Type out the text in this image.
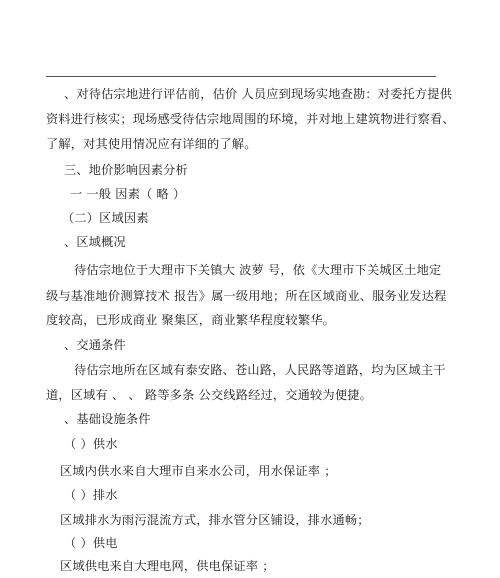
、对待估宗地进行评估前，估价 人员应到现场实地查勘：对委托方提供
资料进行核实；现场感受待估宗地周围的环境，并对地上建筑物进行察看、
了解，对其使用情况应有详细的了解。
三、地价影响因素分析
一 一般 因素（ 略 ）
（二）区域因素
、区域概况
待估宗地位于大理市下关镇大 波萝 号，依《大理市下关城区土地定
级与基准地价测算技术 报告》属一级用地；所在区域商业、服务业发达程
度较高，已形成商业 聚集区，商业繁华程度较繁华。
、交通条件
待估宗地所在区域有泰安路、苍山路，人民路等道路，均为区域主干
道，区域有 、 、 路等多条 公交线路经过，交通较为便捷。
、基础设施条件
（ ）供水
区域内供水来自大理市自来水公司，用水保证率 ；
（ ）排水
区域排水为雨污混流方式，排水管分区铺设，排水通畅；
（ ）供电
区域供电来自大理电网，供电保证率 ；
